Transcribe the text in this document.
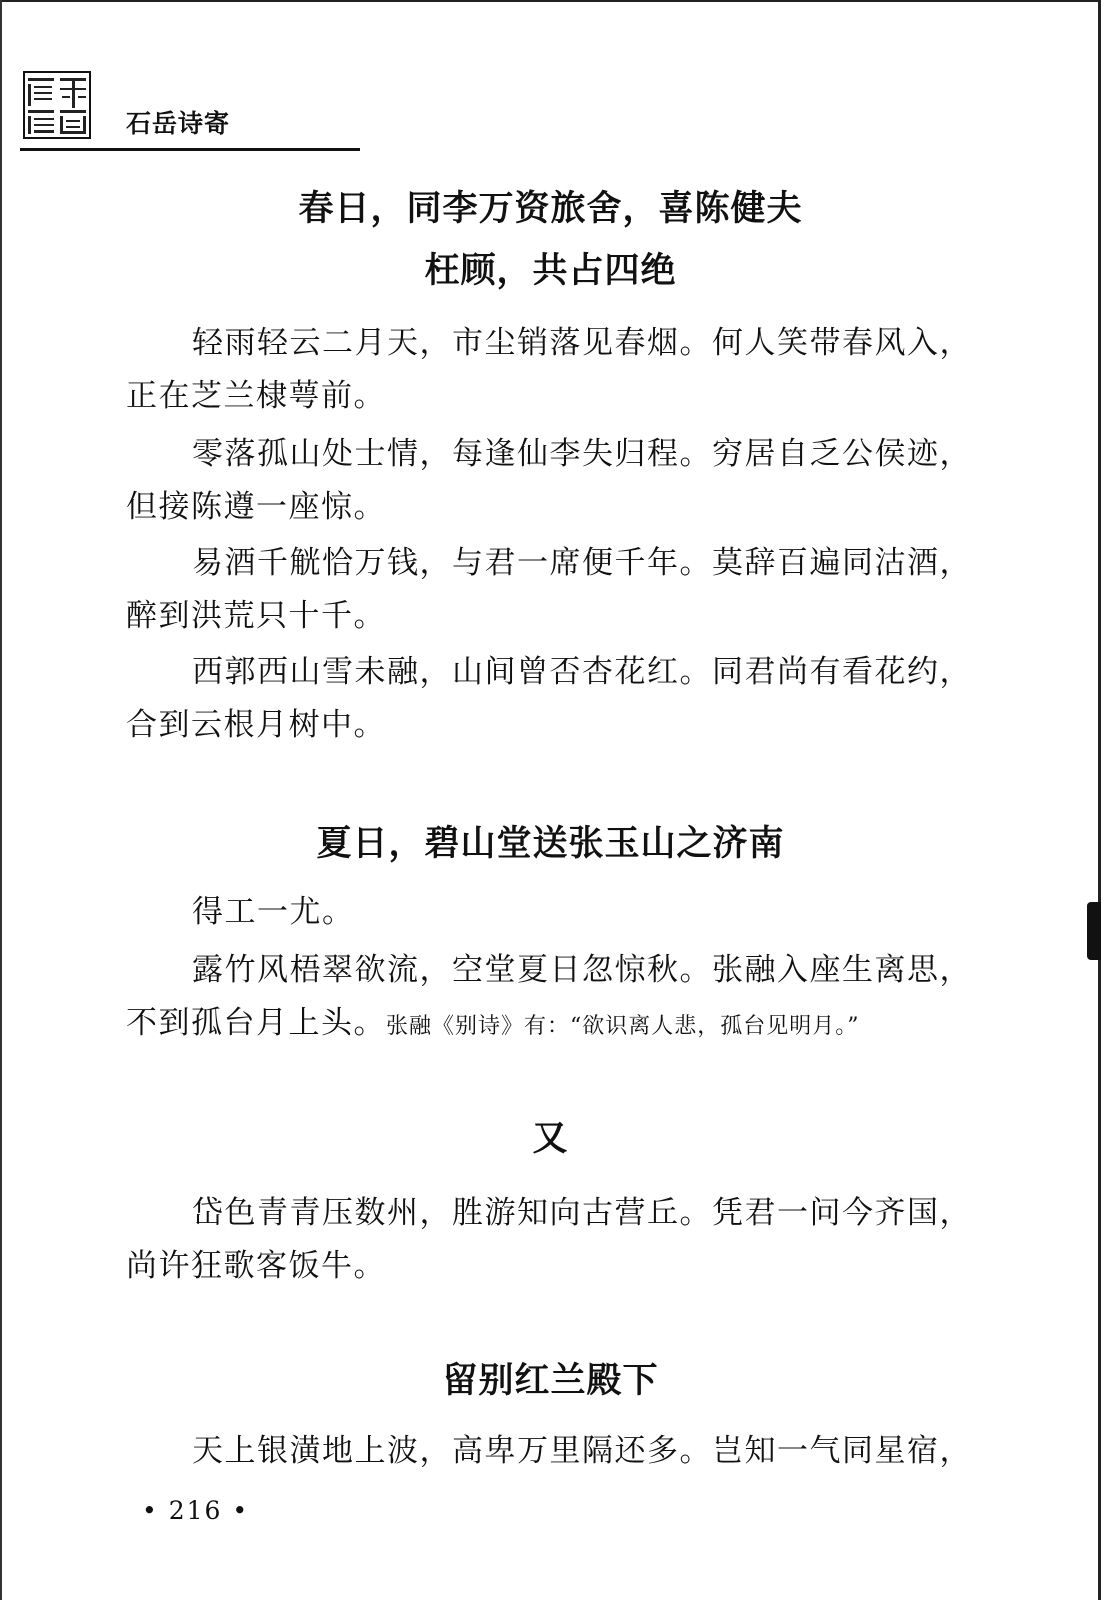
石岳诗寄
春日，同李万资旅舍，喜陈健夫
枉顾，共占四绝
轻雨轻云二月天，市尘销落见春烟。何人笑带春风入，正在芝兰棣萼前。
零落孤山处士情，每逢仙李失归程。穷居自乏公侯迹，但接陈遵一座惊。
易酒千觥恰万钱，与君一席便千年。莫辞百遍同沽酒，醉到洪荒只十千。
西郭西山雪未融，山间曾否杏花红。同君尚有看花约，合到云根月树中。
夏日，碧山堂送张玉山之济南
得工一尤。
露竹风梧翠欲流，空堂夏日忽惊秋。张融入座生离思，不到孤台月上头。张融《别诗》有：“欲识离人悲，孤台见明月。”
又
岱色青青压数州，胜游知向古营丘。凭君一问今齐国，尚许狂歌客饭牛。
留别红兰殿下
天上银潢地上波，高卑万里隔还多。岂知一气同星宿，
• 216 •
